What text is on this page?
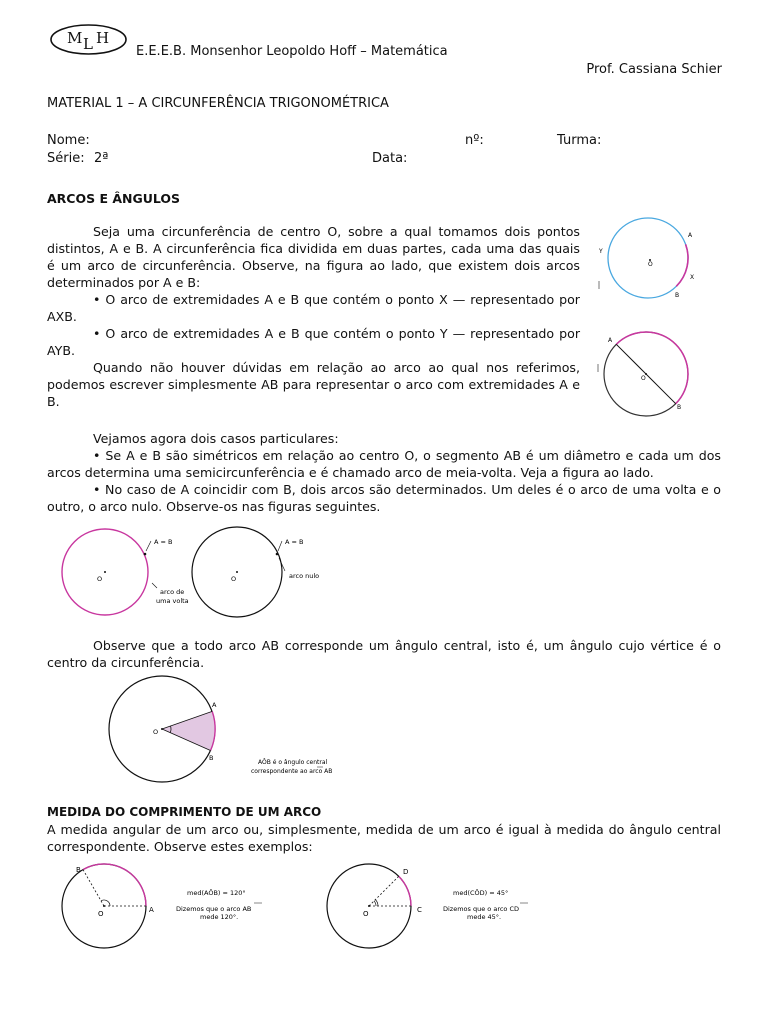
M L H
E.E.E.B. Monsenhor Leopoldo Hoff – Matemática
Prof. Cassiana Schier
MATERIAL 1 – A CIRCUNFERÊNCIA TRIGONOMÉTRICA
Nome:	nº:	Turma:
Série: 2ª	Data:
ARCOS E ÂNGULOS

Seja uma circunferência de centro O, sobre a qual tomamos dois pontos distintos, A e B. A circunferência fica dividida em duas partes, cada uma das quais é um arco de circunferência. Observe, na figura ao lado, que existem dois arcos determinados por A e B:

• O arco de extremidades A e B que contém o ponto X — representado por AXB.

• O arco de extremidades A e B que contém o ponto Y — representado por AYB.

Quando não houver dúvidas em relação ao arco ao qual nos referimos, podemos escrever simplesmente AB para representar o arco com extremidades A e B.

Vejamos agora dois casos particulares:

• Se A e B são simétricos em relação ao centro O, o segmento AB é um diâmetro e cada um dos arcos determina uma semicircunferência e é chamado arco de meia-volta. Veja a figura ao lado.

• No caso de A coincidir com B, dois arcos são determinados. Um deles é o arco de uma volta e o outro, o arco nulo. Observe-os nas figuras seguintes.

Observe que a todo arco AB corresponde um ângulo central, isto é, um ângulo cujo vértice é o centro da circunferência.
MEDIDA DO COMPRIMENTO DE UM ARCO
A medida angular de um arco ou, simplesmente, medida de um arco é igual à medida do ângulo central correspondente. Observe estes exemplos:
O
A
X
B
Y
A
O
B
O
A = B
arco de
uma volta
O
A = B
arco nulo
O
A
B
AÔB é o ângulo central
correspondente ao arco AB
B
O	A
med(AÔB) = 120°
Dizemos que o arco AB
mede 120°.
D
O	C
med(CÔD) = 45°
Dizemos que o arco CD
mede 45°.
